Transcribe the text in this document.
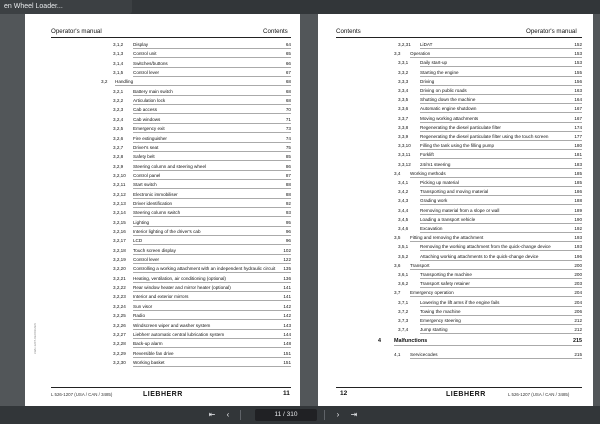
en Wheel Loader...
Operator's manual	Contents
3,1,2 Display	64
3,1,3 Control unit	65
3,1,4 Switches/buttons	66
3,1,5 Control lever	67
3,2 Handling	68
3,2,1 Battery main switch	68
3,2,2 Articulation lock	68
3,2,3 Cab access	70
3,2,4 Cab windows	71
3,2,5 Emergency exit	73
3,2,6 Fire extinguisher	74
3,2,7 Driver's seat	75
3,2,8 Safety belt	85
3,2,9 Steering column and steering wheel	86
3,2,10 Control panel	87
3,2,11 Start switch	88
3,2,12 Electronic immobiliser	88
3,2,13 Driver identification	92
3,2,14 Steering column switch	93
3,2,15 Lighting	95
3,2,16 Interior lighting of the driver's cab	96
3,2,17 LCD	96
3,2,18 Touch screen display	102
3,2,19 Control lever	122
3,2,20 Controlling a working attachment with an independent hydraulic circuit	135
3,2,21 Heating, ventilation, air conditioning (optional)	136
3,2,22 Rear window heater and mirror heater (optional)	141
3,2,23 Interior and exterior mirrors	141
3,2,24 Sun visor	142
3,2,25 Radio	142
3,2,26 Windscreen wiper and washer system	143
3,2,27 Liebherr automatic central lubrication system	144
3,2,28 Back-up alarm	148
3,2,29 Reversible fan drive	151
3,2,30 Working basket	151
LWH-1207-02/2011/EN
L 526-1207 (USA / CAN / 3485)	LIEBHERR	11
Contents	Operator's manual
3,2,31 LiDAT	152
3,3 Operation	153
3,3,1	Daily start-up	153
3,3,2	Starting the engine	155
3,3,3	Driving	156
3,3,4	Driving on public roads	163
3,3,5	Shutting down the machine	164
3,3,6	Automatic engine shutdown	167
3,3,7	Moving working attachments	167
3,3,8	Regenerating the diesel particulate filter	174
3,3,9	Regenerating the diesel particulate filter using the touch screen	177
3,3,10 Filling the tank using the filling pump	180
3,3,11 Forklift	181
3,3,12 24/m1 steering	183
3,4 Working methods	185
3,4,1	Picking up material	185
3,4,2	Transporting and moving material	186
3,4,3	Grading work	188
3,4,4	Removing material from a slope or wall	189
3,4,5	Loading a transport vehicle	190
3,4,6	Excavation	192
3,5 Fitting and removing the attachment	193
3,5,1	Removing the working attachment from the quick-change device	193
3,5,2	Attaching working attachments to the quick-change device	196
3,6 Transport	200
3,6,1	Transporting the machine	200
3,6,2	Transport safety retainer	203
3,7 Emergency operation	204
3,7,1	Lowering the lift arms if the engine fails	204
3,7,2	Towing the machine	206
3,7,3	Emergency steering	212
3,7,4	Jump starting	212
4 Malfunctions	215
4,1 Servicecodes	215
12	LIEBHERR	L 526-1207 (USA / CAN / 3485)
⇤	‹	11 / 310	›	⇥
